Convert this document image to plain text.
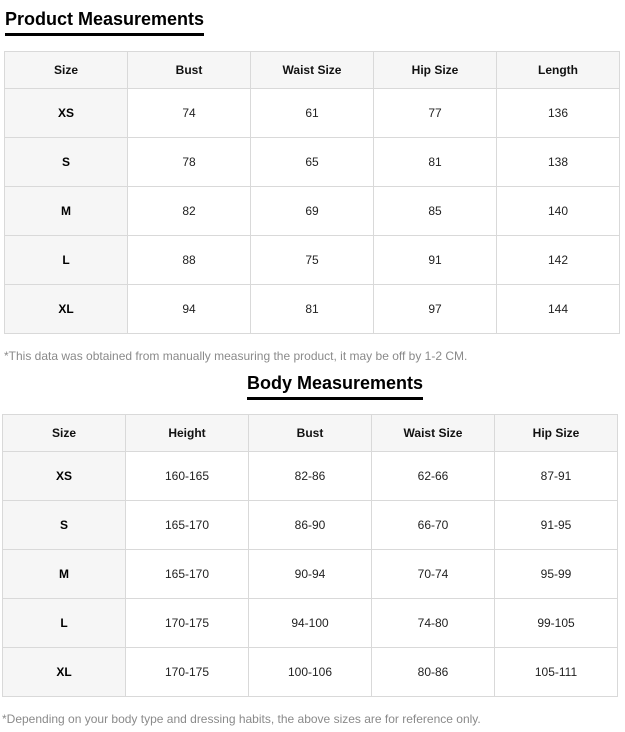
Product Measurements
Size	Bust	Waist Size	Hip Size	Length
XS	74	61	77	136
S	78	65	81	138
M	82	69	85	140
L	88	75	91	142
XL	94	81	97	144
*This data was obtained from manually measuring the product, it may be off by 1-2 CM.
Body Measurements
Size	Height	Bust	Waist Size	Hip Size
XS	160-165	82-86	62-66	87-91
S	165-170	86-90	66-70	91-95
M	165-170	90-94	70-74	95-99
L	170-175	94-100	74-80	99-105
XL	170-175	100-106	80-86	105-111
*Depending on your body type and dressing habits, the above sizes are for reference only.
